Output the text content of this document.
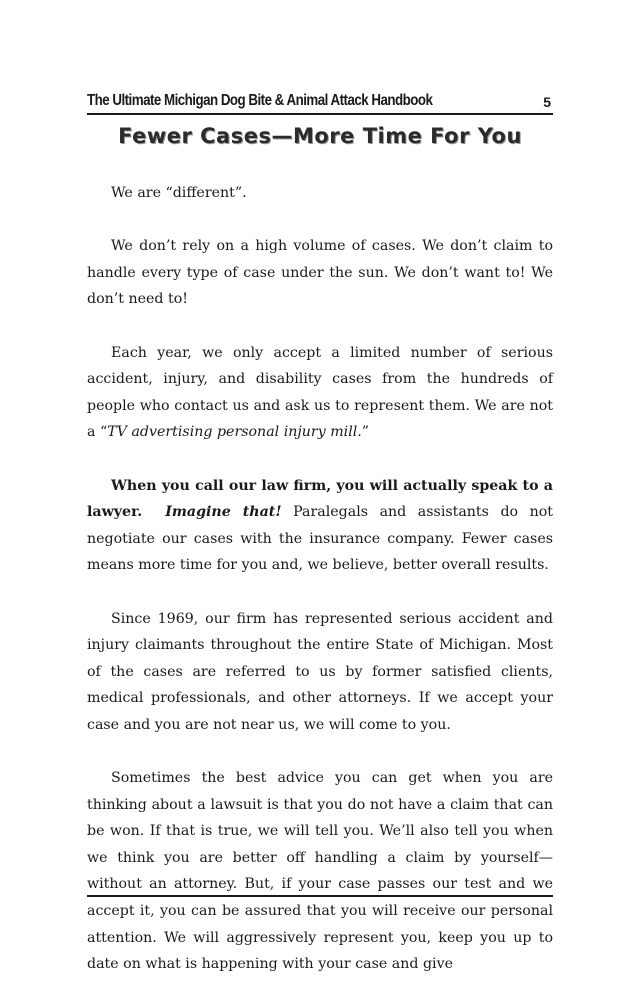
The Ultimate Michigan Dog Bite & Animal Attack Handbook	5
Fewer Cases—More Time For You

We are “different”.

We don’t rely on a high volume of cases. We don’t claim to handle every type of case under the sun. We don’t want to! We don’t need to!

Each year, we only accept a limited number of serious accident, injury, and disability cases from the hundreds of people who contact us and ask us to represent them. We are not a “TV advertising personal injury mill.”

When you call our law firm, you will actually speak to a lawyer. Imagine that! Paralegals and assistants do not negotiate our cases with the insurance company. Fewer cases means more time for you and, we believe, better overall results.

Since 1969, our firm has represented serious accident and injury claimants throughout the entire State of Michigan. Most of the cases are referred to us by former satisfied clients, medical professionals, and other attorneys. If we accept your case and you are not near us, we will come to you.

Sometimes the best advice you can get when you are thinking about a lawsuit is that you do not have a claim that can be won. If that is true, we will tell you. We’ll also tell you when we think you are better off handling a claim by yourself—without an attorney. But, if your case passes our test and we accept it, you can be assured that you will receive our personal attention. We will aggressively represent you, keep you up to date on what is happening with your case and give
